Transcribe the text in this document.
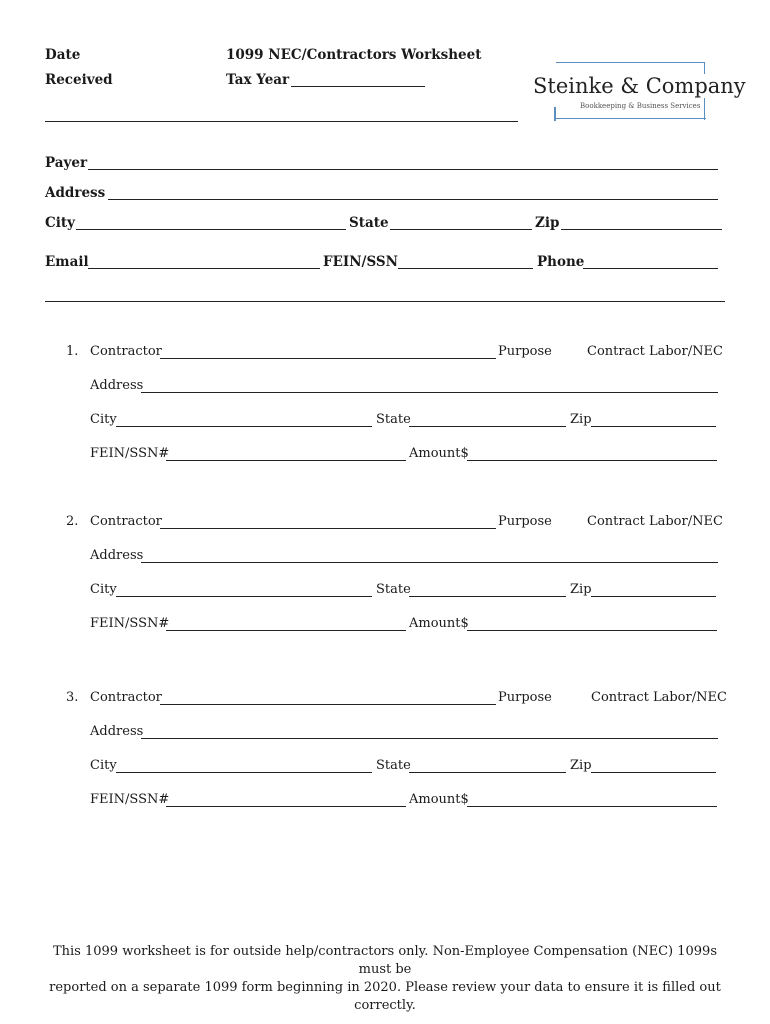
Date
Received
1099 NEC/Contractors Worksheet
Tax Year	Steinke & Company
Bookkeeping & Business Services
Payer
Address
City	State	Zip
Email	FEIN/SSN	Phone
1. Contractor	Purpose	Contract Labor/NEC
Address
City	State	Zip
FEIN/SSN#	Amount$
2. Contractor	Purpose	Contract Labor/NEC
Address
City	State	Zip
FEIN/SSN#	Amount$
3. Contractor	Purpose	Contract Labor/NEC
Address
City	State	Zip
FEIN/SSN#	Amount$
This 1099 worksheet is for outside help/contractors only. Non-Employee Compensation (NEC) 1099s must be
reported on a separate 1099 form beginning in 2020. Please review your data to ensure it is filled out correctly.
